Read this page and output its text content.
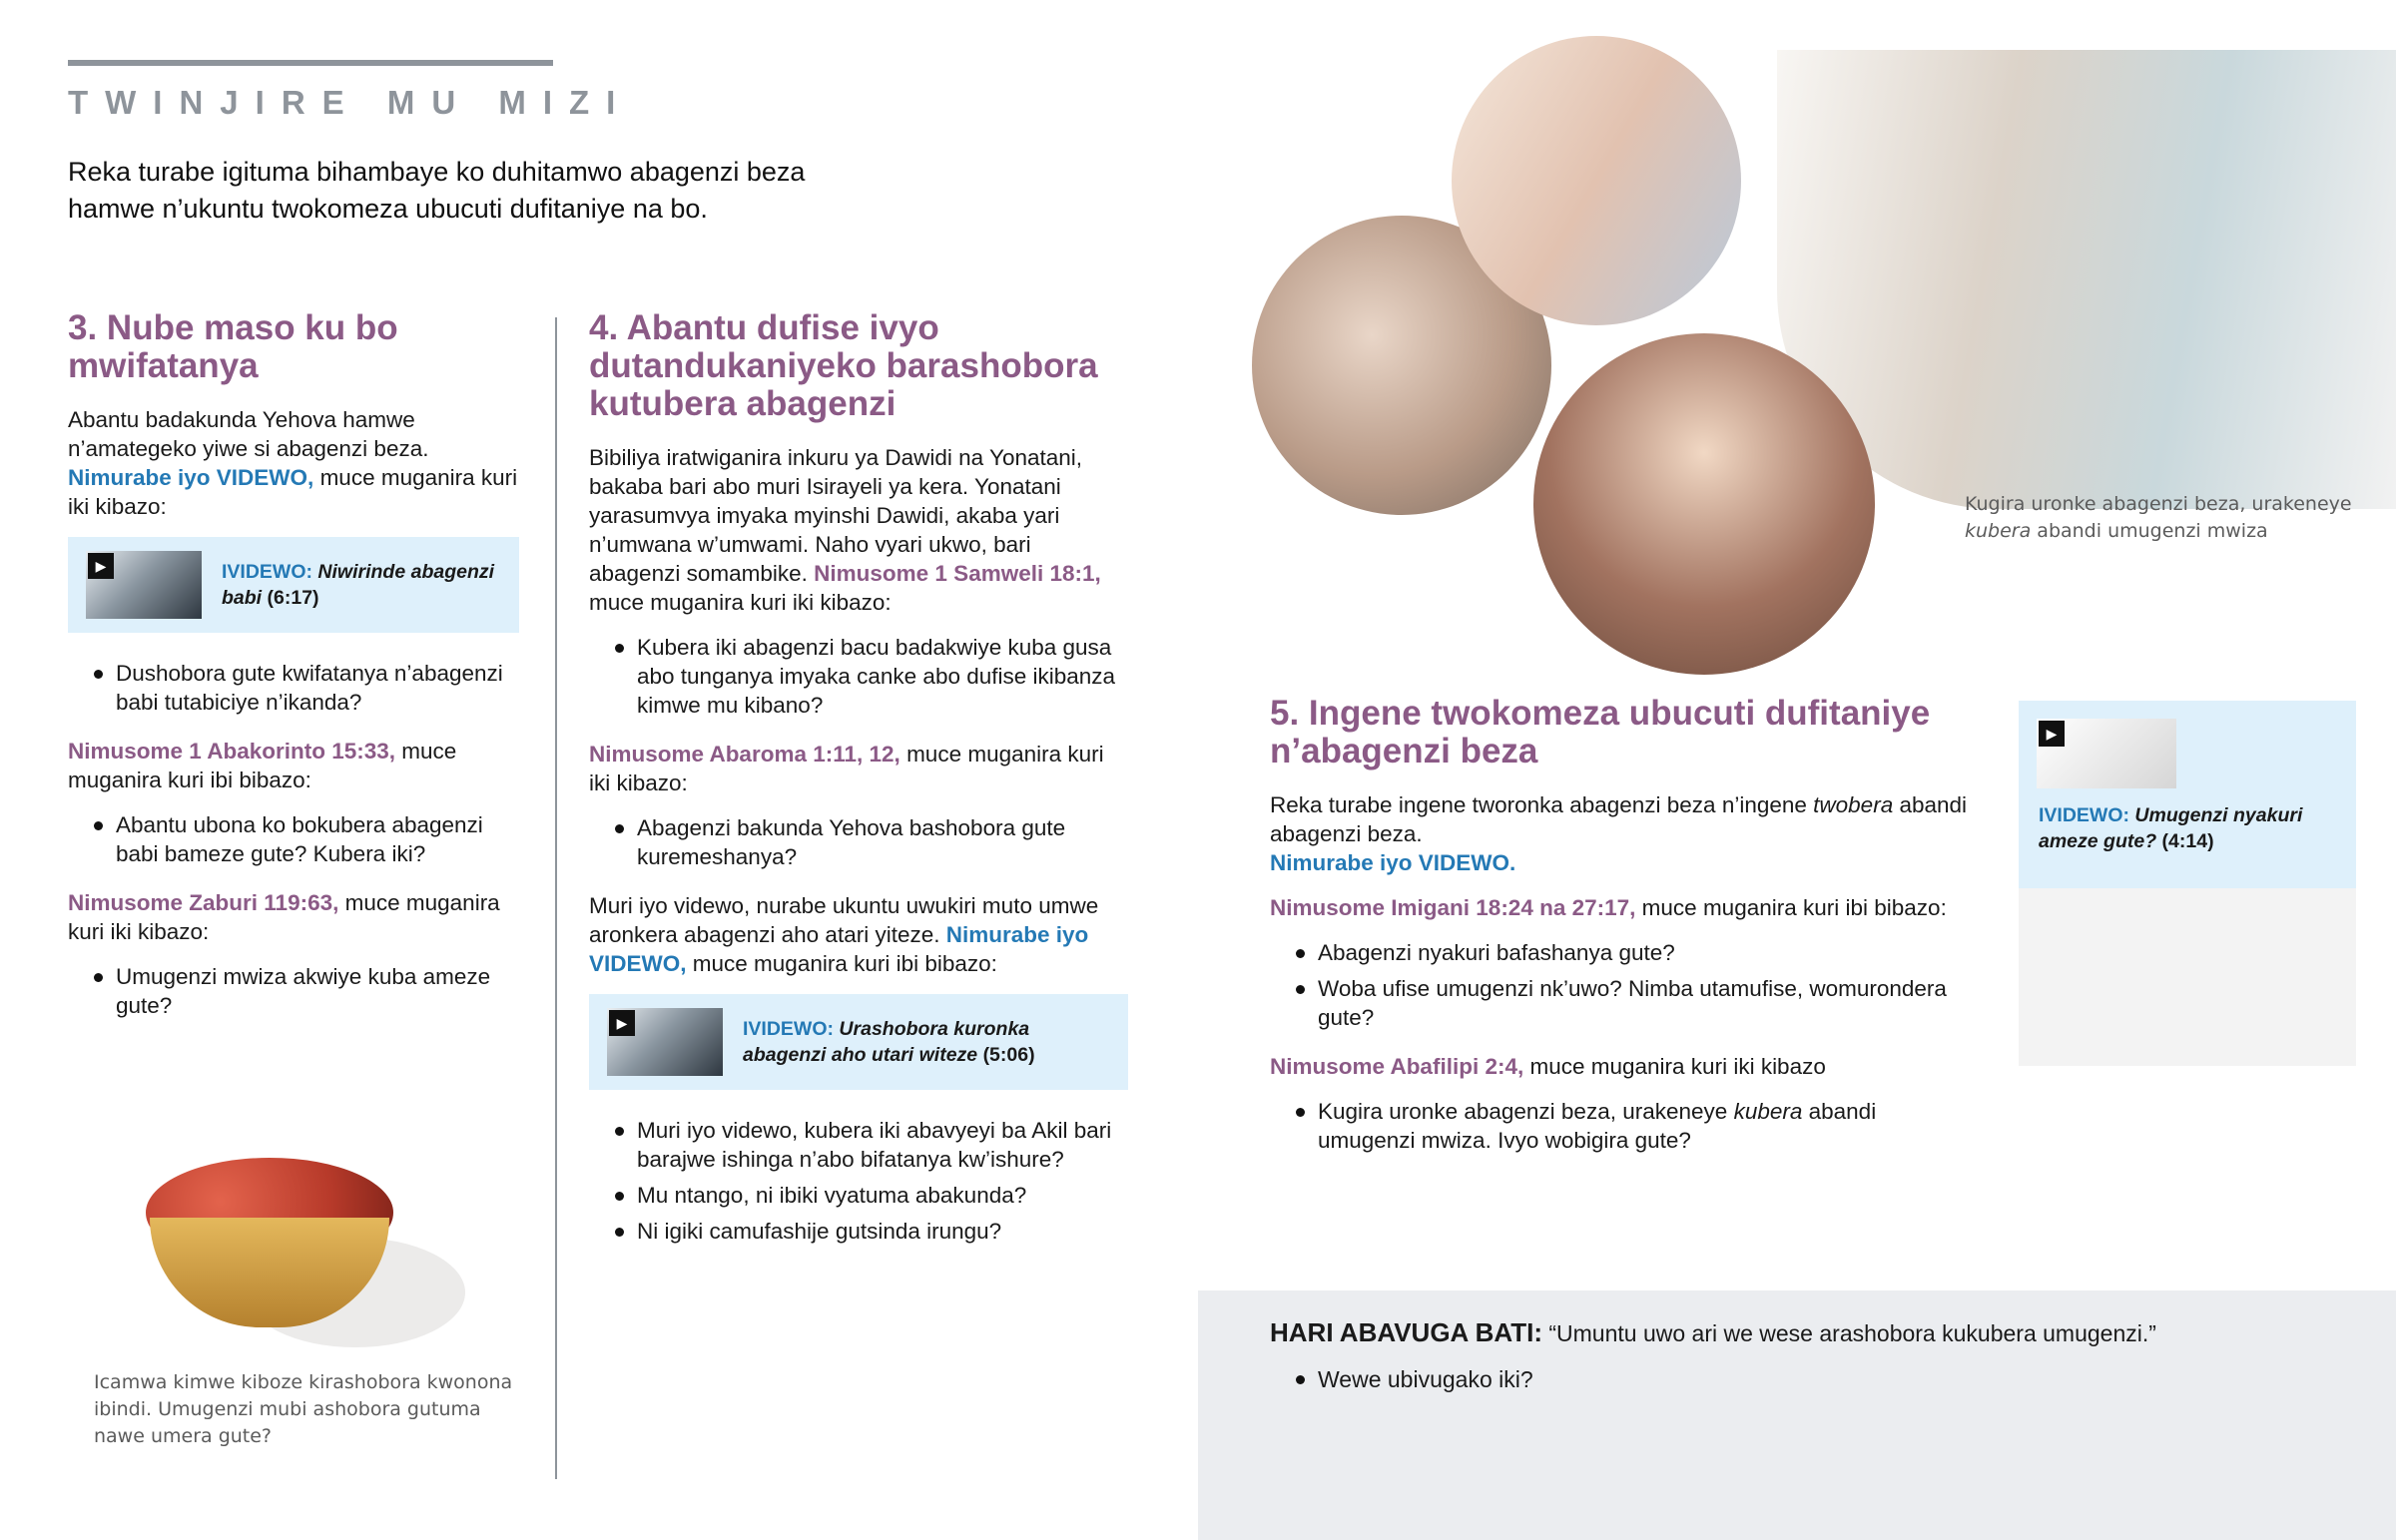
TWINJIRE MU MIZI

Reka turabe igituma bihambaye ko duhitamwo abagenzi beza hamwe n’ukuntu twokomeza ubucuti dufitaniye na bo.

Kugira uronke abagenzi beza, urakeneye kubera abandi umugenzi mwiza
3. Nube maso ku bo mwifatanya

Abantu badakunda Yehova hamwe n’amategeko yiwe si abagenzi beza. Nimurabe iyo VIDEWO, muce muganira kuri iki kibazo:

▶	IVIDEWO: Niwirinde abagenzi babi (6:17)
Dushobora gute kwifatanya n’abagenzi babi tutabiciye n’ikanda?

Nimusome 1 Abakorinto 15:33, muce muganira kuri ibi bibazo:

Abantu ubona ko bokubera abagenzi babi bameze gute? Kubera iki?

Nimusome Zaburi 119:63, muce muganira kuri iki kibazo:

Umugenzi mwiza akwiye kuba ameze gute?
Icamwa kimwe kiboze kirashobora kwonona ibindi. Umugenzi mubi ashobora gutuma nawe umera gute?
4. Abantu dufise ivyo dutandukaniyeko barashobora kutubera abagenzi

Bibiliya iratwiganira inkuru ya Dawidi na Yonatani, bakaba bari abo muri Isirayeli ya kera. Yonatani yarasumvya imyaka myinshi Dawidi, akaba yari n’umwana w’umwami. Naho vyari ukwo, bari abagenzi somambike. Nimusome 1 Samweli 18:1, muce muganira kuri iki kibazo:

Kubera iki abagenzi bacu badakwiye kuba gusa abo tunganya imyaka canke abo dufise ikibanza kimwe mu kibano?

Nimusome Abaroma 1:11, 12, muce muganira kuri iki kibazo:

Abagenzi bakunda Yehova bashobora gute kuremeshanya?

Muri iyo videwo, nurabe ukuntu uwukiri muto umwe aronkera abagenzi aho atari yiteze. Nimurabe iyo VIDEWO, muce muganira kuri ibi bibazo:

▶	IVIDEWO: Urashobora kuronka abagenzi aho utari witeze (5:06)
Muri iyo videwo, kubera iki abavyeyi ba Akil bari barajwe ishinga n’abo bifatanya kw’ishure?
Mu ntango, ni ibiki vyatuma abakunda?
Ni igiki camufashije gutsinda irungu?
5. Ingene twokomeza ubucuti dufitaniye n’abagenzi beza

Reka turabe ingene tworonka abagenzi beza n’ingene twobera abandi abagenzi beza.
Nimurabe iyo VIDEWO.

Nimusome Imigani 18:24 na 27:17, muce muganira kuri ibi bibazo:

Abagenzi nyakuri bafashanya gute?
Woba ufise umugenzi nk’uwo? Nimba utamufise, womurondera gute?

Nimusome Abafilipi 2:4, muce muganira kuri iki kibazo

Kugira uronke abagenzi beza, urakeneye kubera abandi umugenzi mwiza. Ivyo wobigira gute?
▶
IVIDEWO: Umugenzi nyakuri ameze gute? (4:14)

HARI ABAVUGA BATI: “Umuntu uwo ari we wese arashobora kukubera umugenzi.”

Wewe ubivugako iki?
